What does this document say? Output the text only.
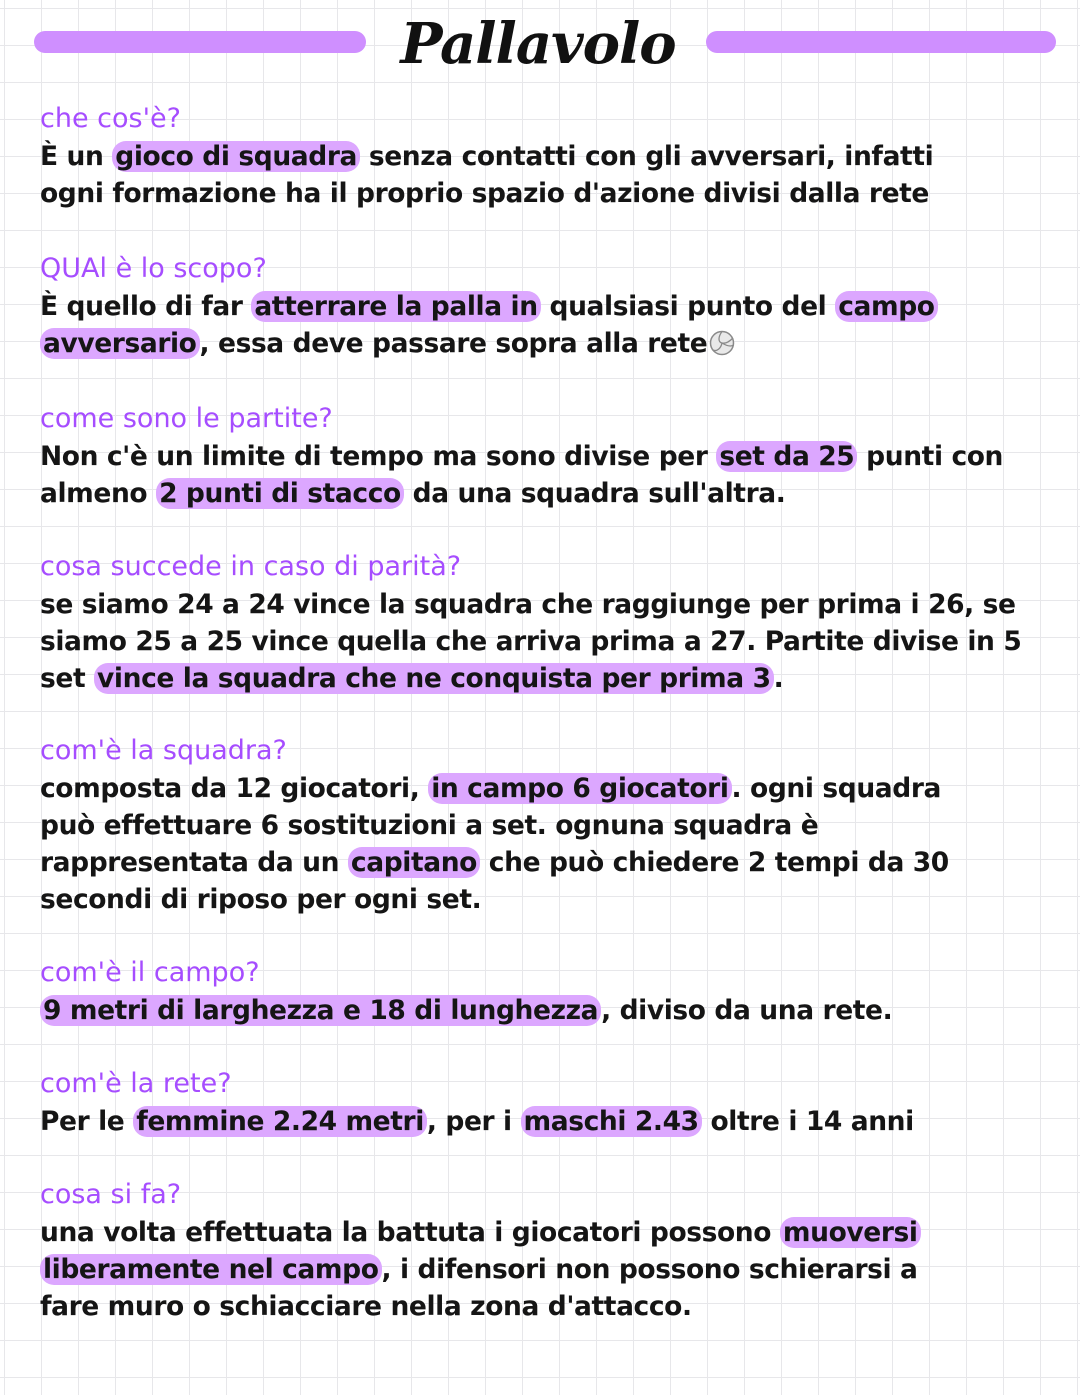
Pallavolo
che cos'è?
È un gioco di squadra senza contatti con gli avversari, infatti
ogni formazione ha il proprio spazio d'azione divisi dalla rete
QUAl è lo scopo?
È quello di far atterrare la palla in qualsiasi punto del campo
avversario , essa deve passare sopra alla rete
come sono le partite?
Non c'è un limite di tempo ma sono divise per set da 25 punti con
almeno 2 punti di stacco da una squadra sull'altra.
cosa succede in caso di parità?
se siamo 24 a 24 vince la squadra che raggiunge per prima i 26, se
siamo 25 a 25 vince quella che arriva prima a 27. Partite divise in 5
set vince la squadra che ne conquista per prima 3 .
com'è la squadra?
composta da 12 giocatori, in campo 6 giocatori . ogni squadra
può effettuare 6 sostituzioni a set. ognuna squadra è
rappresentata da un capitano che può chiedere 2 tempi da 30
secondi di riposo per ogni set.
com'è il campo?
9 metri di larghezza e 18 di lunghezza , diviso da una rete.
com'è la rete?
Per le femmine 2.24 metri , per i maschi 2.43 oltre i 14 anni
cosa si fa?
una volta effettuata la battuta i giocatori possono muoversi
liberamente nel campo , i difensori non possono schierarsi a
fare muro o schiacciare nella zona d'attacco.
